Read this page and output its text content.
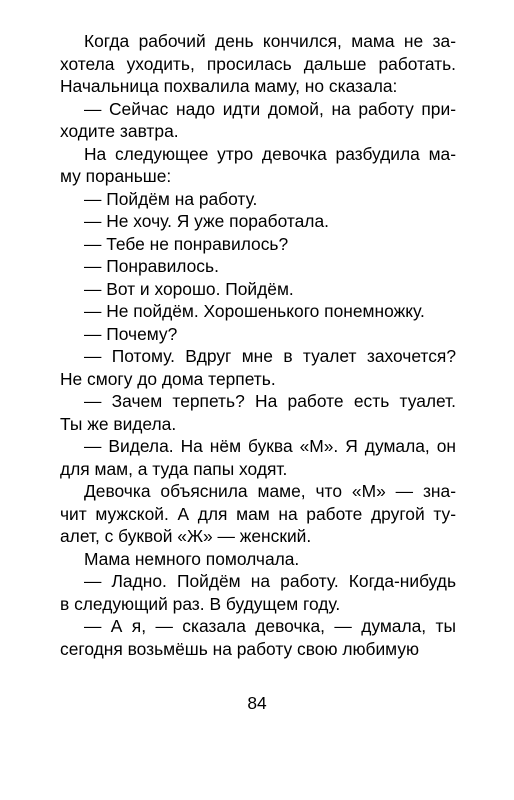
Когда рабочий день кончился, мама не за-
хотела уходить, просилась дальше работать.
Начальница похвалила маму, но сказала:
— Сейчас надо идти домой, на работу при-
ходите завтра.
На следующее утро девочка разбудила ма-
му пораньше:
— Пойдём на работу.
— Не хочу. Я уже поработала.
— Тебе не понравилось?
— Понравилось.
— Вот и хорошо. Пойдём.
— Не пойдём. Хорошенького понемножку.
— Почему?
— Потому. Вдруг мне в туалет захочется?
Не смогу до дома терпеть.
— Зачем терпеть? На работе есть туалет.
Ты же видела.
— Видела. На нём буква «М». Я думала, он
для мам, а туда папы ходят.
Девочка объяснила маме, что «М» — зна-
чит мужской. А для мам на работе другой ту-
алет, с буквой «Ж» — женский.
Мама немного помолчала.
— Ладно. Пойдём на работу. Когда-нибудь
в следующий раз. В будущем году.
— А я, — сказала девочка, — думала, ты
сегодня возьмёшь на работу свою любимую
84
